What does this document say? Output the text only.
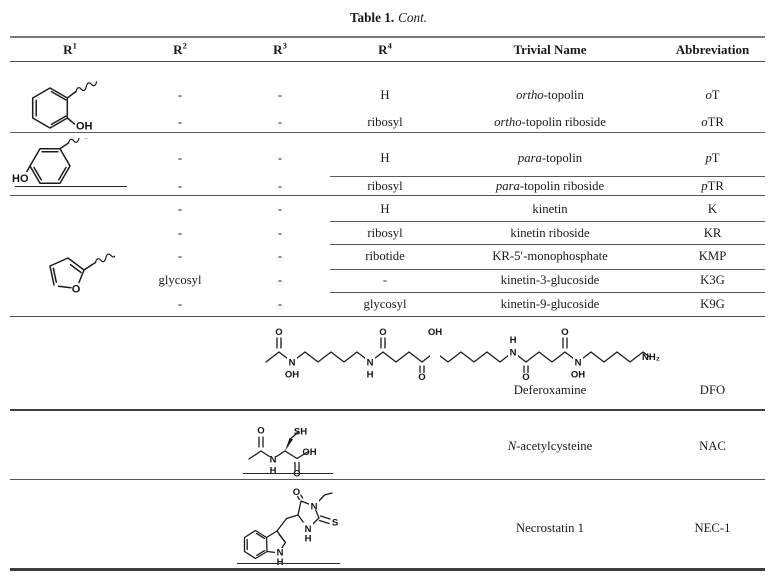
Table 1. Cont.
$R^1$	$R^2$	$R^3$	$R^4$	Trivial Name	Abbreviation
OH
-	-	H	ortho-topolin	oT
-	-	ribosyl	ortho-topolin riboside	oTR
HO
-	-	H	para-topolin	pT
-	-	ribosyl	para-topolin riboside	pTR
O
-	-	H	kinetin	K
-	-	ribosyl	kinetin riboside	KR
-	-	ribotide	KR-5′-monophosphate	KMP
glycosyl	-	-	kinetin-3-glucoside	K3G
-	-	glycosyl	kinetin-9-glucoside	K9G
O
N
OH
N
H
O
O
OH
H
N
O
O
N
OH
NH₂
Deferoxamine	DFO
O
N
H
SH
OH
O
N-acetylcysteine	NAC
O
N
S
N
H
N
H
Necrostatin 1	NEC-1
